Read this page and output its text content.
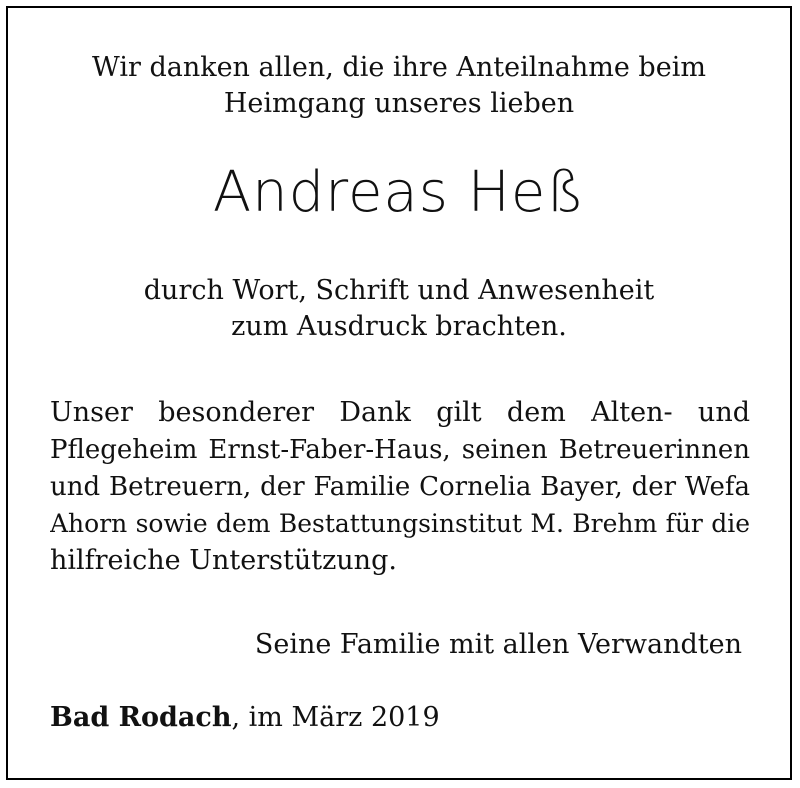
Wir danken allen, die ihre Anteilnahme beim
Heimgang unseres lieben
Andreas Heß
durch Wort, Schrift und Anwesenheit
zum Ausdruck brachten.
Unser besonderer Dank gilt dem Alten- und
Pflegeheim Ernst-Faber-Haus, seinen Betreuerinnen
und Betreuern, der Familie Cornelia Bayer, der Wefa
Ahorn sowie dem Bestattungsinstitut M. Brehm für die
hilfreiche Unterstützung.
Seine Familie mit allen Verwandten
Bad Rodach, im März 2019
